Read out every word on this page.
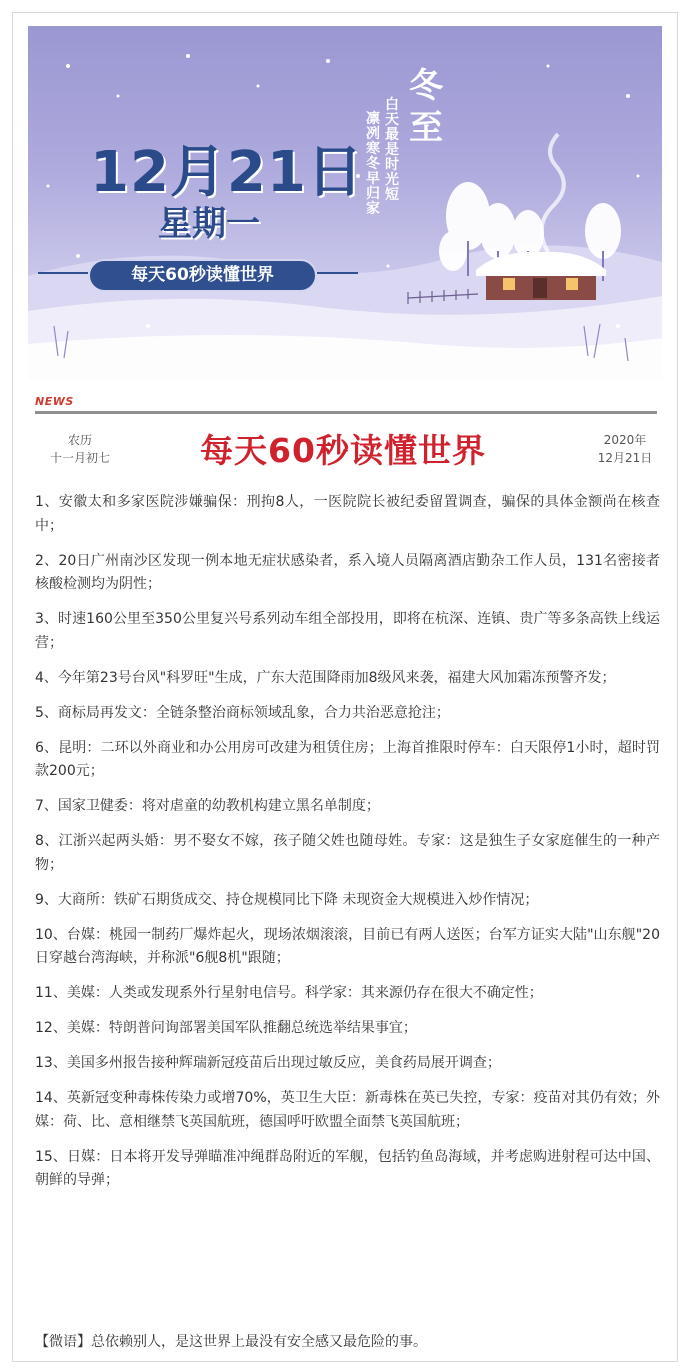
12月21日
星期一
每天60秒读懂世界
冬
至
白天最是时光短
凛冽寒冬早归家
NEWS
农历
十一月初七	每天60秒读懂世界	2020年
12月21日

1、安徽太和多家医院涉嫌骗保：刑拘8人，一医院院长被纪委留置调查，骗保的具体金额尚在核查中；

2、20日广州南沙区发现一例本地无症状感染者，系入境人员隔离酒店勤杂工作人员，131名密接者核酸检测均为阴性；

3、时速160公里至350公里复兴号系列动车组全部投用，即将在杭深、连镇、贵广等多条高铁上线运营；

4、今年第23号台风"科罗旺"生成，广东大范围降雨加8级风来袭，福建大风加霜冻预警齐发；

5、商标局再发文：全链条整治商标领域乱象，合力共治恶意抢注；

6、昆明：二环以外商业和办公用房可改建为租赁住房；上海首推限时停车：白天限停1小时，超时罚款200元；

7、国家卫健委：将对虐童的幼教机构建立黑名单制度；

8、江浙兴起两头婚：男不娶女不嫁，孩子随父姓也随母姓。专家：这是独生子女家庭催生的一种产物；

9、大商所：铁矿石期货成交、持仓规模同比下降 未现资金大规模进入炒作情况；

10、台媒：桃园一制药厂爆炸起火，现场浓烟滚滚，目前已有两人送医；台军方证实大陆"山东舰"20日穿越台湾海峡，并称派"6舰8机"跟随；

11、美媒：人类或发现系外行星射电信号。科学家：其来源仍存在很大不确定性；

12、美媒：特朗普问询部署美国军队推翻总统选举结果事宜；

13、美国多州报告接种辉瑞新冠疫苗后出现过敏反应，美食药局展开调查；

14、英新冠变种毒株传染力或增70%，英卫生大臣：新毒株在英已失控，专家：疫苗对其仍有效；外媒：荷、比、意相继禁飞英国航班，德国呼吁欧盟全面禁飞英国航班；

15、日媒：日本将开发导弹瞄准冲绳群岛附近的军舰，包括钓鱼岛海域，并考虑购进射程可达中国、朝鲜的导弹；

【微语】总依赖别人，是这世界上最没有安全感又最危险的事。
